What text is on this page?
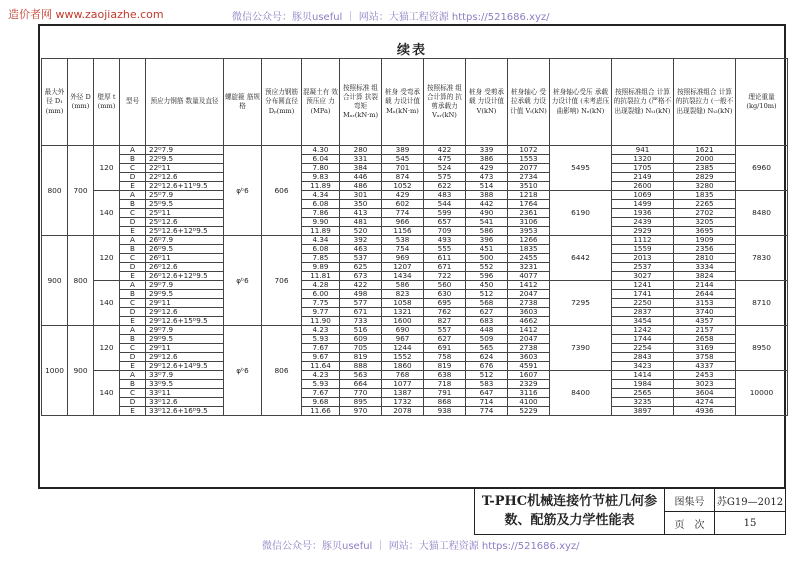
造价者网 www.zaojiazhe.com	微信公众号：豚贝useful ｜ 网站：大猫工程资源 https://521686.xyz/
续表
最大外径 D₁ (mm)	外径 D (mm)	壁厚 t (mm)	型号	预应力钢筋 数量及直径	螺旋箍 筋规格	预应力钢筋 分布圆直径 Dₚ(mm)	混凝土有 效预压应 力(MPa)	按照标准 组合计算 抗裂弯矩 Mₓᵣ(kN·m)	桩身 受弯承载 力设计值 Mᵤ(kN·m)	按照标准 组合计算的 抗剪承载力 Vₓᵣ(kN)	桩身 受剪承载 力设计值 V(kN)	桩身轴心 受拉承载 力设计值 Vₜ(kN)	桩身轴心受压 承载力设计值 (未考虑压曲影响) Nₑ(kN)	按照标准组合 计算的抗裂拉力 (严格不出现裂缝) Nₜ₁(kN)	按照标准组合 计算的抗裂拉力 (一般不出现裂缝) Nₜ₂(kN)	理论重量 (kg/10m)
800	700	120	A	22ᴰ7.9	φᵇ6	606	4.30	280	389	422	339	1072	5495	941	1621	6960
			B	22ᴰ9.5			6.04	331	545	475	386	1553		1320	2000	
			C	22ᴰ11			7.80	384	701	524	429	2077		1705	2385	
			D	22ᴰ12.6			9.83	446	874	575	473	2734		2149	2829	
			E	22ᴰ12.6+11ᴰ9.5			11.89	486	1052	622	514	3510		2600	3280	
		140	A	25ᴰ7.9			4.34	301	429	483	388	1218	6190	1069	1835	8480
			B	25ᴰ9.5			6.08	350	602	544	442	1764		1499	2265	
			C	25ᴰ11			7.86	413	774	599	490	2361		1936	2702	
			D	25ᴰ12.6			9.90	481	966	657	541	3106		2439	3205	
			E	25ᴰ12.6+12ᴰ9.5			11.89	520	1156	709	586	3953		2929	3695	
900	800	120	A	26ᴰ7.9	φᵇ6	706	4.34	392	538	493	396	1266	6442	1112	1909	7830
			B	26ᴰ9.5			6.08	463	754	555	451	1835		1559	2356	
			C	26ᴰ11			7.85	537	969	611	500	2455		2013	2810	
			D	26ᴰ12.6			9.89	625	1207	671	552	3231		2537	3334	
			E	26ᴰ12.6+12ᴰ9.5			11.81	673	1434	722	596	4077		3027	3824	
		140	A	29ᴰ7.9			4.28	422	586	560	450	1412	7295	1241	2144	8710
			B	29ᴰ9.5			6.00	498	823	630	512	2047		1741	2644	
			C	29ᴰ11			7.75	577	1058	695	568	2738		2250	3153	
			D	29ᴰ12.6			9.77	671	1321	762	627	3603		2837	3740	
			E	29ᴰ12.6+15ᴰ9.5			11.90	733	1600	827	683	4662		3454	4357	
1000	900	120	A	29ᴰ7.9	φᵇ6	806	4.23	516	690	557	448	1412	7390	1242	2157	8950
			B	29ᴰ9.5			5.93	609	967	627	509	2047		1744	2658	
			C	29ᴰ11			7.67	705	1244	691	565	2738		2254	3169	
			D	29ᴰ12.6			9.67	819	1552	758	624	3603		2843	3758	
			E	29ᴰ12.6+14ᴰ9.5			11.64	888	1860	819	676	4591		3423	4337	
		140	A	33ᴰ7.9			4.23	563	768	638	512	1607	8400	1414	2453	10000
			B	33ᴰ9.5			5.93	664	1077	718	583	2329		1984	3023	
			C	33ᴰ11			7.67	770	1387	791	647	3116		2565	3604	
			D	33ᴰ12.6			9.68	895	1732	868	714	4100		3235	4274	
			E	33ᴰ12.6+16ᴰ9.5			11.66	970	2078	938	774	5229		3897	4936	
T-PHC机械连接竹节桩几何参数、配筋及力学性能表
图集号	苏G19—2012
页　次	15
微信公众号：豚贝useful ｜ 网站：大猫工程资源 https://521686.xyz/
